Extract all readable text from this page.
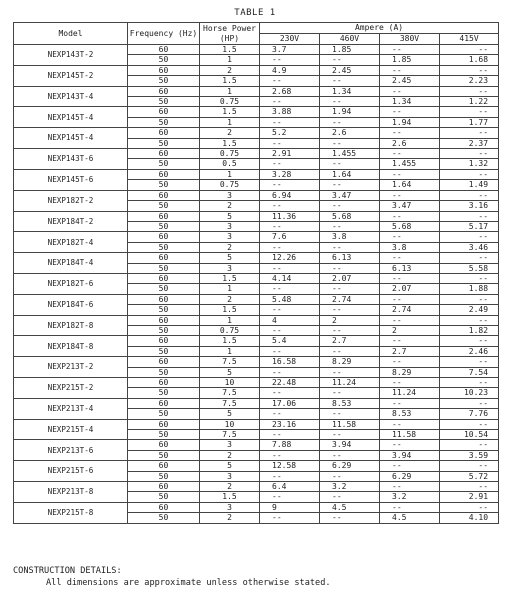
TABLE 1
Model	Frequency (Hz)	Horse Power (HP)	Ampere (A)			
			230V	460V	380V	415V
NEXP143T-2	60	1.5	3.7	1.85	--	--
	50	1	--	--	1.85	1.68
NEXP145T-2	60	2	4.9	2.45	--	--
	50	1.5	--	--	2.45	2.23
NEXP143T-4	60	1	2.68	1.34	--	--
	50	0.75	--	--	1.34	1.22
NEXP145T-4	60	1.5	3.88	1.94	--	--
	50	1	--	--	1.94	1.77
NEXP145T-4	60	2	5.2	2.6	--	--
	50	1.5	--	--	2.6	2.37
NEXP143T-6	60	0.75	2.91	1.455	--	--
	50	0.5	--	--	1.455	1.32
NEXP145T-6	60	1	3.28	1.64	--	--
	50	0.75	--	--	1.64	1.49
NEXP182T-2	60	3	6.94	3.47	--	--
	50	2	--	--	3.47	3.16
NEXP184T-2	60	5	11.36	5.68	--	--
	50	3	--	--	5.68	5.17
NEXP182T-4	60	3	7.6	3.8	--	--
	50	2	--	--	3.8	3.46
NEXP184T-4	60	5	12.26	6.13	--	--
	50	3	--	--	6.13	5.58
NEXP182T-6	60	1.5	4.14	2.07	--	--
	50	1	--	--	2.07	1.88
NEXP184T-6	60	2	5.48	2.74	--	--
	50	1.5	--	--	2.74	2.49
NEXP182T-8	60	1	4	2	--	--
	50	0.75	--	--	2	1.82
NEXP184T-8	60	1.5	5.4	2.7	--	--
	50	1	--	--	2.7	2.46
NEXP213T-2	60	7.5	16.58	8.29	--	--
	50	5	--	--	8.29	7.54
NEXP215T-2	60	10	22.48	11.24	--	--
	50	7.5	--	--	11.24	10.23
NEXP213T-4	60	7.5	17.06	8.53	--	--
	50	5	--	--	8.53	7.76
NEXP215T-4	60	10	23.16	11.58	--	--
	50	7.5	--	--	11.58	10.54
NEXP213T-6	60	3	7.88	3.94	--	--
	50	2	--	--	3.94	3.59
NEXP215T-6	60	5	12.58	6.29	--	--
	50	3	--	--	6.29	5.72
NEXP213T-8	60	2	6.4	3.2	--	--
	50	1.5	--	--	3.2	2.91
NEXP215T-8	60	3	9	4.5	--	--
	50	2	--	--	4.5	4.10
CONSTRUCTION DETAILS:
All dimensions are approximate unless otherwise stated.
